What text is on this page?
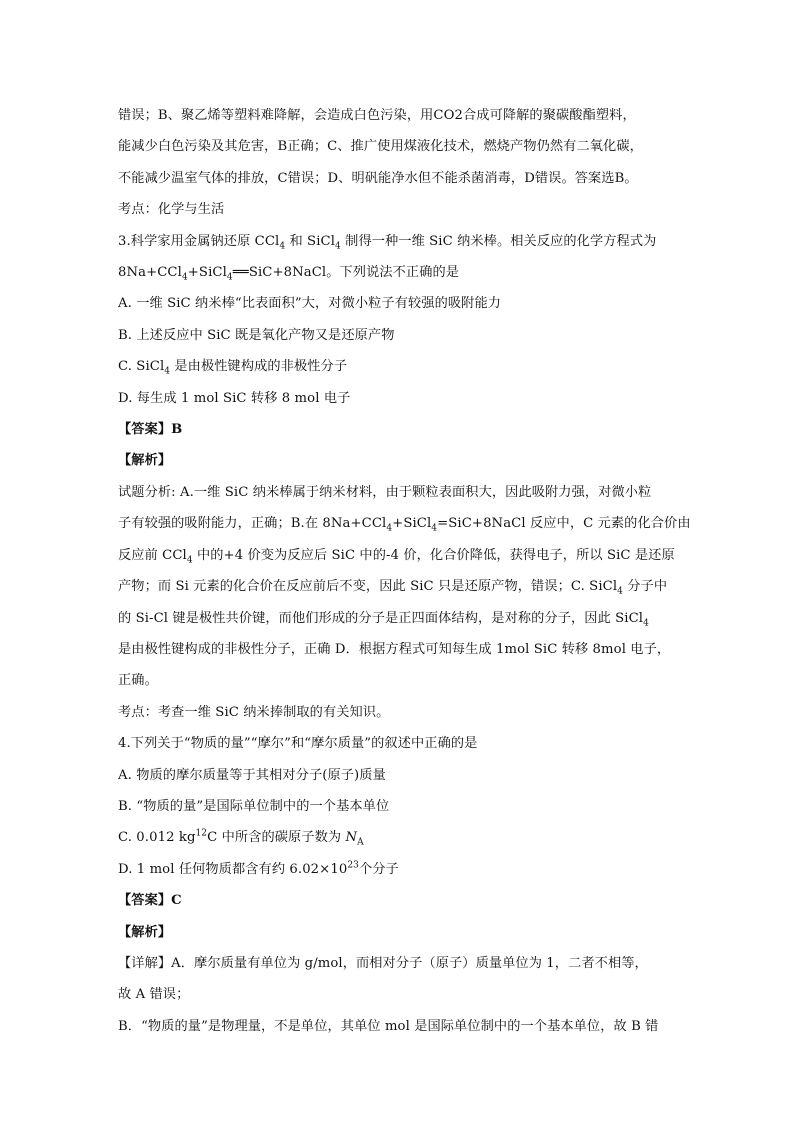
错误；B、聚乙烯等塑料难降解，会造成白色污染，用CO2合成可降解的聚碳酸酯塑料，
能减少白色污染及其危害，B正确；C、推广使用煤液化技术，燃烧产物仍然有二氧化碳，
不能减少温室气体的排放，C错误；D、明矾能净水但不能杀菌消毒，D错误。答案选B。
考点：化学与生活
3.科学家用金属钠还原 CCl$_4$ 和 SiCl$_4$ 制得一种一维 SiC 纳米棒。相关反应的化学方程式为
8Na+CCl$_4$+SiCl$_4$══SiC+8NaCl。下列说法不正确的是
A. 一维 SiC 纳米棒“比表面积”大，对微小粒子有较强的吸附能力
B. 上述反应中 SiC 既是氧化产物又是还原产物
C. SiCl$_4$ 是由极性键构成的非极性分子
D. 每生成 1 mol SiC 转移 8 mol 电子
【答案】B
【解析】
试题分析: A.一维 SiC 纳米棒属于纳米材料，由于颗粒表面积大，因此吸附力强，对微小粒
子有较强的吸附能力，正确；B.在 8Na+CCl$_4$+SiCl$_4$=SiC+8NaCl 反应中，C 元素的化合价由
反应前 CCl$_4$ 中的+4 价变为反应后 SiC 中的-4 价，化合价降低，获得电子，所以 SiC 是还原
产物；而 Si 元素的化合价在反应前后不变，因此 SiC 只是还原产物，错误；C. SiCl$_4$ 分子中
的 Si-Cl 键是极性共价键，而他们形成的分子是正四面体结构，是对称的分子，因此 SiCl$_4$
是由极性键构成的非极性分子，正确 D．根据方程式可知每生成 1mol SiC 转移 8mol 电子，
正确。
考点：考查一维 SiC 纳米捧制取的有关知识。
4.下列关于“物质的量”“摩尔”和“摩尔质量”的叙述中正确的是
A. 物质的摩尔质量等于其相对分子(原子)质量
B. “物质的量”是国际单位制中的一个基本单位
C. 0.012 $kg^{12}C$ 中所含的碳原子数为 $N_A$
D. 1 mol 任何物质都含有约 $6.02\times 10^{23}$个分子
【答案】C
【解析】
【详解】A．摩尔质量有单位为 g/mol，而相对分子（原子）质量单位为 1，二者不相等，
故 A 错误；
B．“物质的量”是物理量，不是单位，其单位 mol 是国际单位制中的一个基本单位，故 B 错
